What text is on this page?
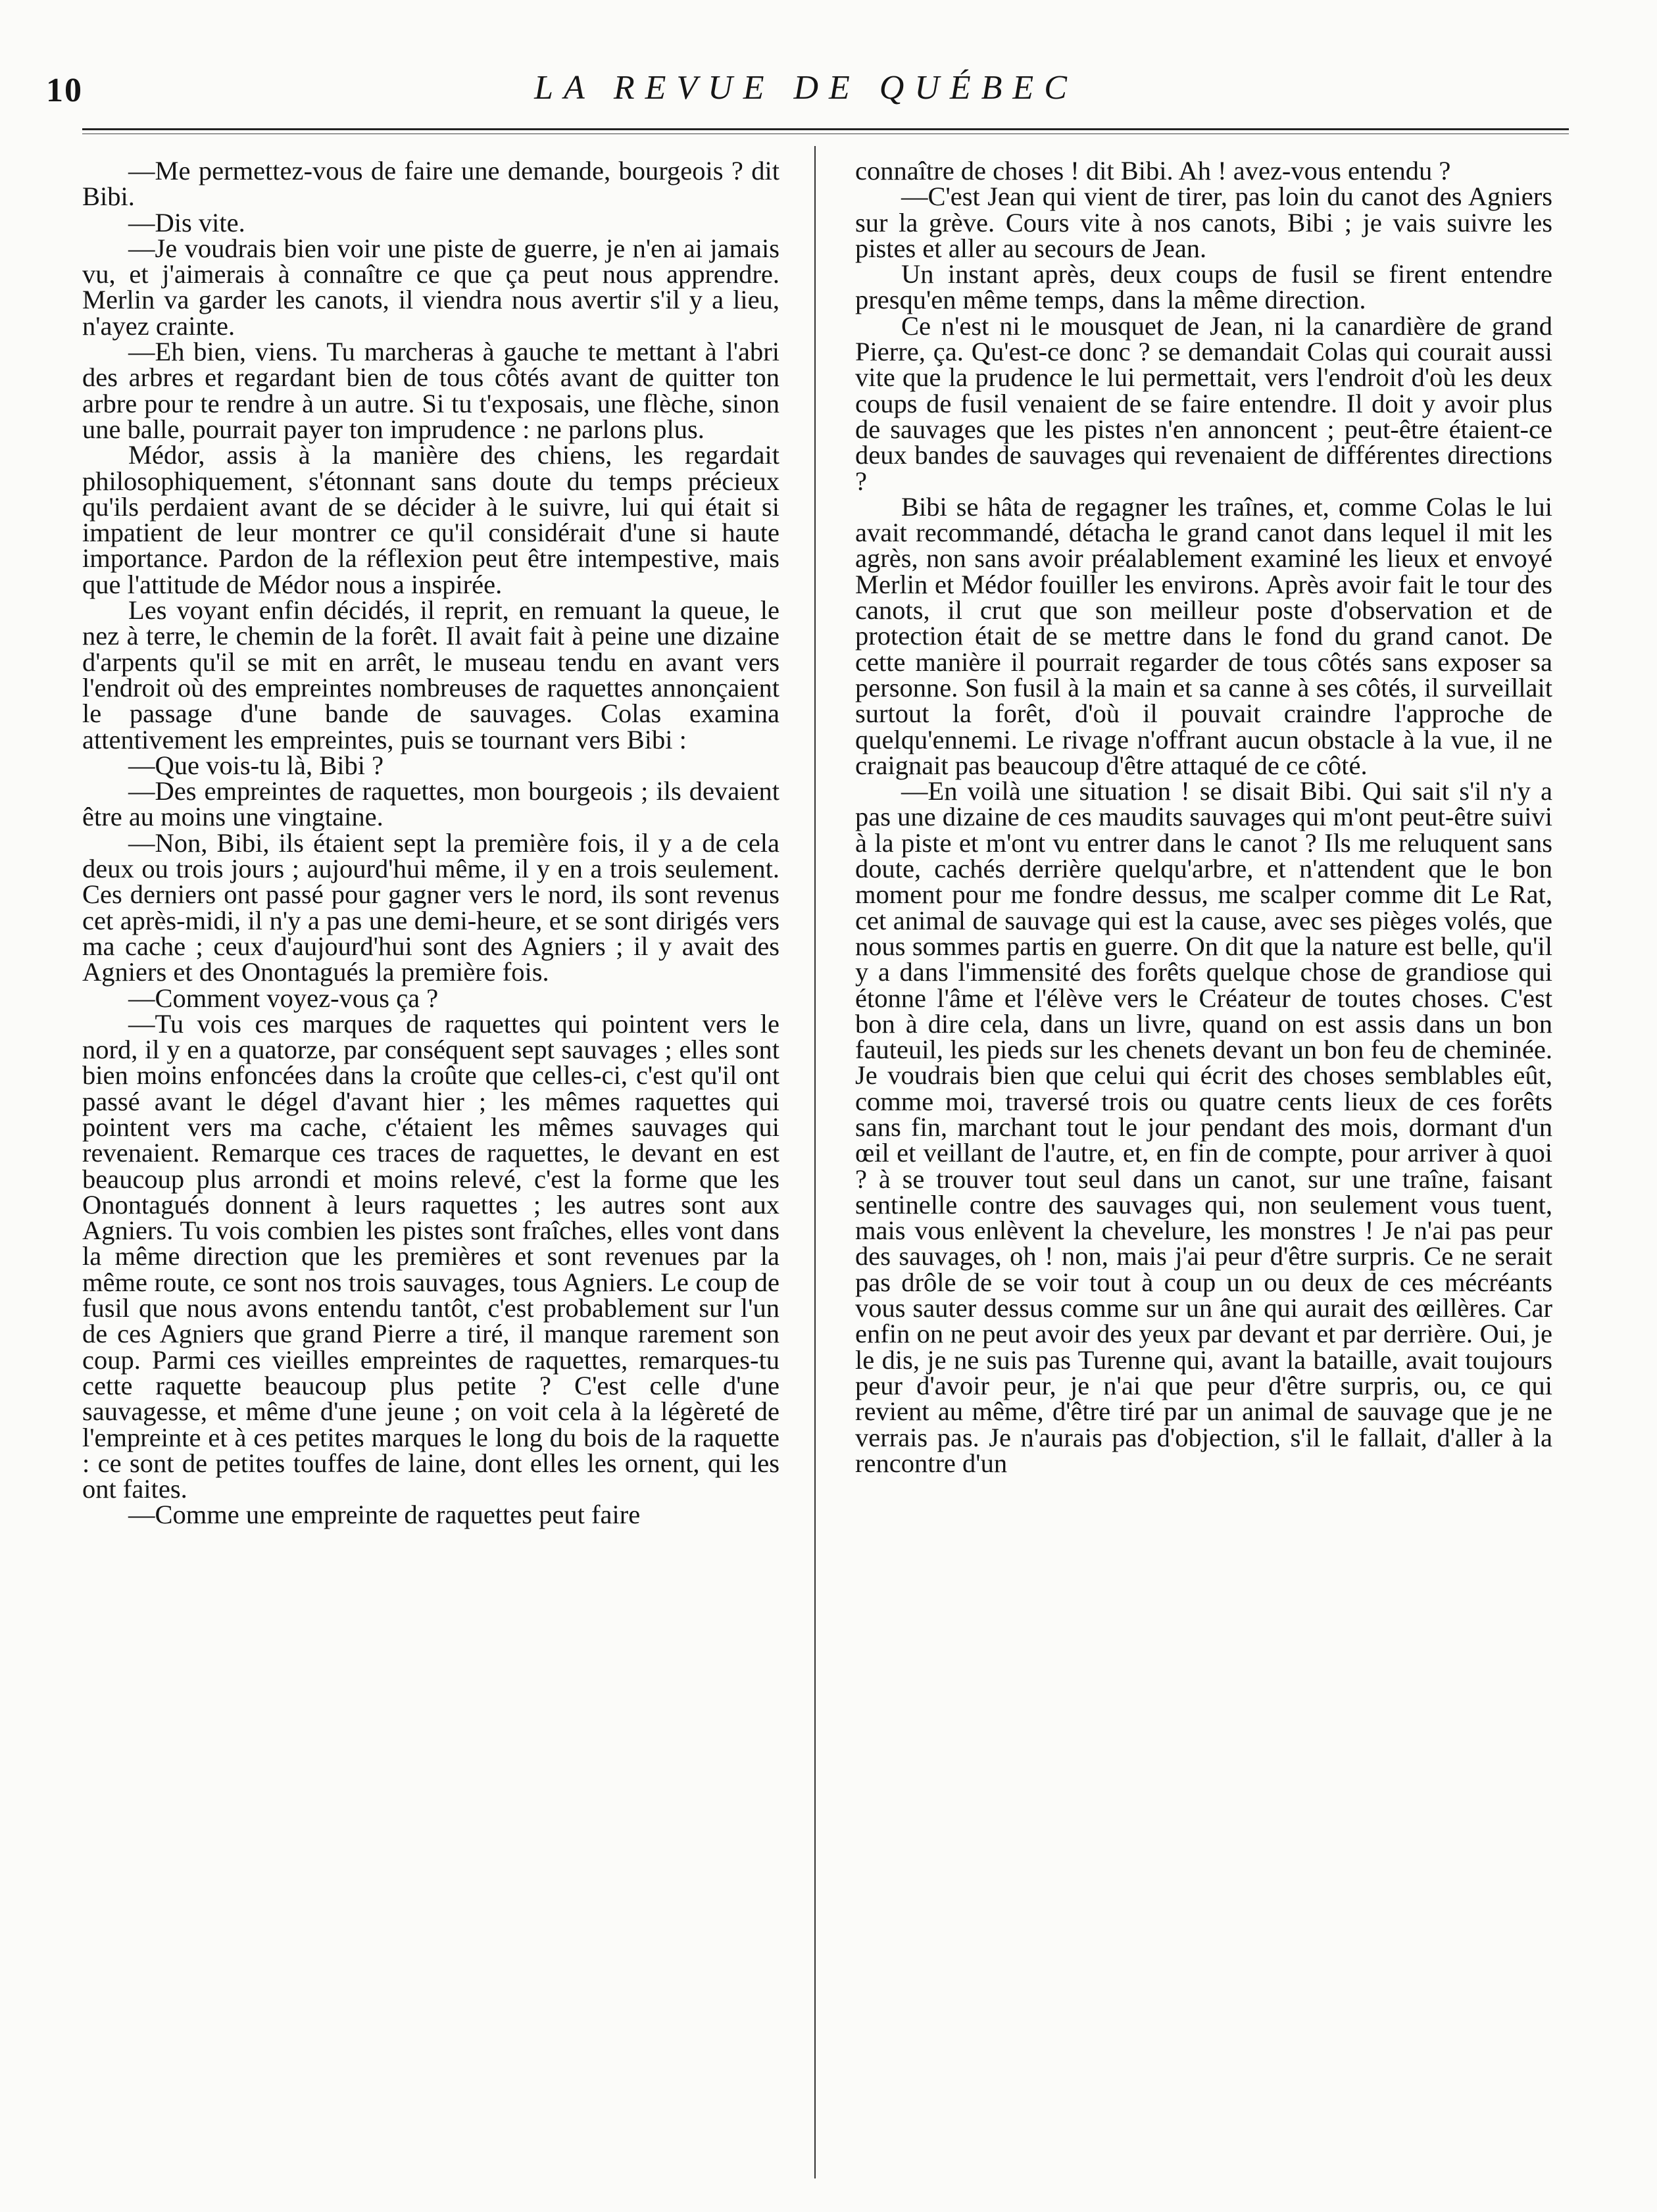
10	LA REVUE DE QUÉBEC

—Me permettez-vous de faire une demande, bourgeois ? dit Bibi.

—Dis vite.

—Je voudrais bien voir une piste de guerre, je n'en ai jamais vu, et j'aimerais à connaître ce que ça peut nous apprendre. Merlin va garder les canots, il viendra nous avertir s'il y a lieu, n'ayez crainte.

—Eh bien, viens. Tu marcheras à gauche te mettant à l'abri des arbres et regardant bien de tous côtés avant de quitter ton arbre pour te rendre à un autre. Si tu t'exposais, une flèche, sinon une balle, pourrait payer ton imprudence : ne parlons plus.

Médor, assis à la manière des chiens, les regardait philosophiquement, s'étonnant sans doute du temps précieux qu'ils perdaient avant de se décider à le suivre, lui qui était si impatient de leur montrer ce qu'il considérait d'une si haute importance. Pardon de la réflexion peut être intempestive, mais que l'attitude de Médor nous a inspirée.

Les voyant enfin décidés, il reprit, en remuant la queue, le nez à terre, le chemin de la forêt. Il avait fait à peine une dizaine d'arpents qu'il se mit en arrêt, le museau tendu en avant vers l'endroit où des empreintes nombreuses de raquettes annonçaient le passage d'une bande de sauvages. Colas examina attentivement les empreintes, puis se tournant vers Bibi :

—Que vois-tu là, Bibi ?

—Des empreintes de raquettes, mon bourgeois ; ils devaient être au moins une vingtaine.

—Non, Bibi, ils étaient sept la première fois, il y a de cela deux ou trois jours ; aujourd'hui même, il y en a trois seulement. Ces derniers ont passé pour gagner vers le nord, ils sont revenus cet après-midi, il n'y a pas une demi-heure, et se sont dirigés vers ma cache ; ceux d'aujourd'hui sont des Agniers ; il y avait des Agniers et des Onontagués la première fois.

—Comment voyez-vous ça ?

—Tu vois ces marques de raquettes qui pointent vers le nord, il y en a quatorze, par conséquent sept sauvages ; elles sont bien moins enfoncées dans la croûte que celles-ci, c'est qu'il ont passé avant le dégel d'avant hier ; les mêmes raquettes qui pointent vers ma cache, c'étaient les mêmes sauvages qui revenaient. Remarque ces traces de raquettes, le devant en est beaucoup plus arrondi et moins relevé, c'est la forme que les Onontagués donnent à leurs raquettes ; les autres sont aux Agniers. Tu vois combien les pistes sont fraîches, elles vont dans la même direction que les premières et sont revenues par la même route, ce sont nos trois sauvages, tous Agniers. Le coup de fusil que nous avons entendu tantôt, c'est probablement sur l'un de ces Agniers que grand Pierre a tiré, il manque rarement son coup. Parmi ces vieilles empreintes de raquettes, remarques-tu cette raquette beaucoup plus petite ? C'est celle d'une sauvagesse, et même d'une jeune ; on voit cela à la légèreté de l'empreinte et à ces petites marques le long du bois de la raquette : ce sont de petites touffes de laine, dont elles les ornent, qui les ont faites.

—Comme une empreinte de raquettes peut faire

connaître de choses ! dit Bibi. Ah ! avez-vous entendu ?

—C'est Jean qui vient de tirer, pas loin du canot des Agniers sur la grève. Cours vite à nos canots, Bibi ; je vais suivre les pistes et aller au secours de Jean.

Un instant après, deux coups de fusil se firent entendre presqu'en même temps, dans la même direction.

Ce n'est ni le mousquet de Jean, ni la canardière de grand Pierre, ça. Qu'est-ce donc ? se demandait Colas qui courait aussi vite que la prudence le lui permettait, vers l'endroit d'où les deux coups de fusil venaient de se faire entendre. Il doit y avoir plus de sauvages que les pistes n'en annoncent ; peut-être étaient-ce deux bandes de sauvages qui revenaient de différentes directions ?

Bibi se hâta de regagner les traînes, et, comme Colas le lui avait recommandé, détacha le grand canot dans lequel il mit les agrès, non sans avoir préalablement examiné les lieux et envoyé Merlin et Médor fouiller les environs. Après avoir fait le tour des canots, il crut que son meilleur poste d'observation et de protection était de se mettre dans le fond du grand canot. De cette manière il pourrait regarder de tous côtés sans exposer sa personne. Son fusil à la main et sa canne à ses côtés, il surveillait surtout la forêt, d'où il pouvait craindre l'approche de quelqu'ennemi. Le rivage n'offrant aucun obstacle à la vue, il ne craignait pas beaucoup d'être attaqué de ce côté.

—En voilà une situation ! se disait Bibi. Qui sait s'il n'y a pas une dizaine de ces maudits sauvages qui m'ont peut-être suivi à la piste et m'ont vu entrer dans le canot ? Ils me reluquent sans doute, cachés derrière quelqu'arbre, et n'attendent que le bon moment pour me fondre dessus, me scalper comme dit Le Rat, cet animal de sauvage qui est la cause, avec ses pièges volés, que nous sommes partis en guerre. On dit que la nature est belle, qu'il y a dans l'immensité des forêts quelque chose de grandiose qui étonne l'âme et l'élève vers le Créateur de toutes choses. C'est bon à dire cela, dans un livre, quand on est assis dans un bon fauteuil, les pieds sur les chenets devant un bon feu de cheminée. Je voudrais bien que celui qui écrit des choses semblables eût, comme moi, traversé trois ou quatre cents lieux de ces forêts sans fin, marchant tout le jour pendant des mois, dormant d'un œil et veillant de l'autre, et, en fin de compte, pour arriver à quoi ? à se trouver tout seul dans un canot, sur une traîne, faisant sentinelle contre des sauvages qui, non seulement vous tuent, mais vous enlèvent la chevelure, les monstres ! Je n'ai pas peur des sauvages, oh ! non, mais j'ai peur d'être surpris. Ce ne serait pas drôle de se voir tout à coup un ou deux de ces mécréants vous sauter dessus comme sur un âne qui aurait des œillères. Car enfin on ne peut avoir des yeux par devant et par derrière. Oui, je le dis, je ne suis pas Turenne qui, avant la bataille, avait toujours peur d'avoir peur, je n'ai que peur d'être surpris, ou, ce qui revient au même, d'être tiré par un animal de sauvage que je ne verrais pas. Je n'aurais pas d'objection, s'il le fallait, d'aller à la rencontre d'un
